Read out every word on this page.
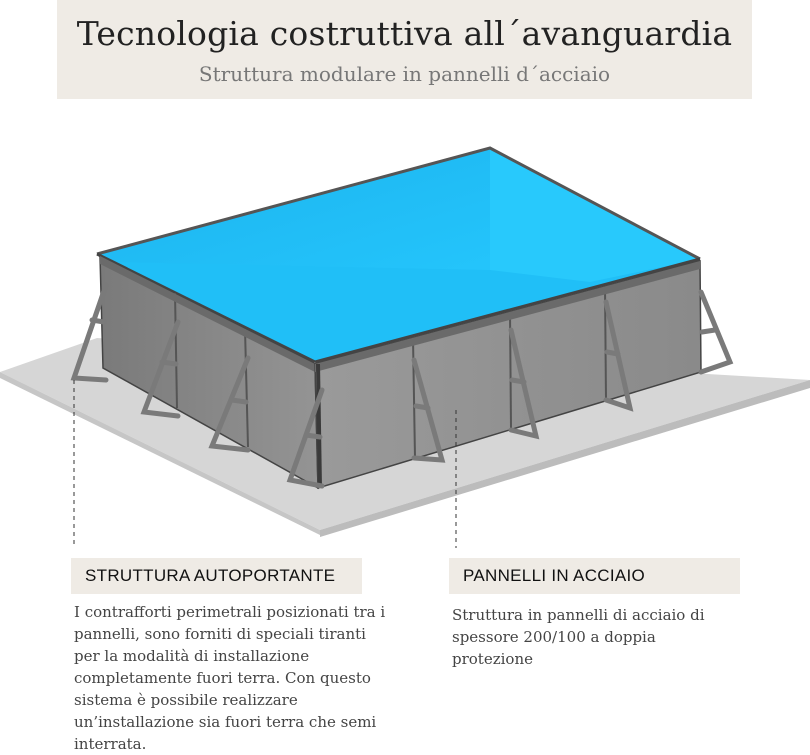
Tecnologia costruttiva all´avanguardia
Struttura modulare in pannelli d´acciaio
STRUTTURA AUTOPORTANTE
I contrafforti perimetrali posizionati tra i pannelli, sono forniti di speciali tiranti per la modalità di installazione completamente fuori terra. Con questo sistema è possibile realizzare un’installazione sia fuori terra che semi interrata.
PANNELLI IN ACCIAIO
Struttura in pannelli di acciaio di spessore 200/100 a doppia protezione
